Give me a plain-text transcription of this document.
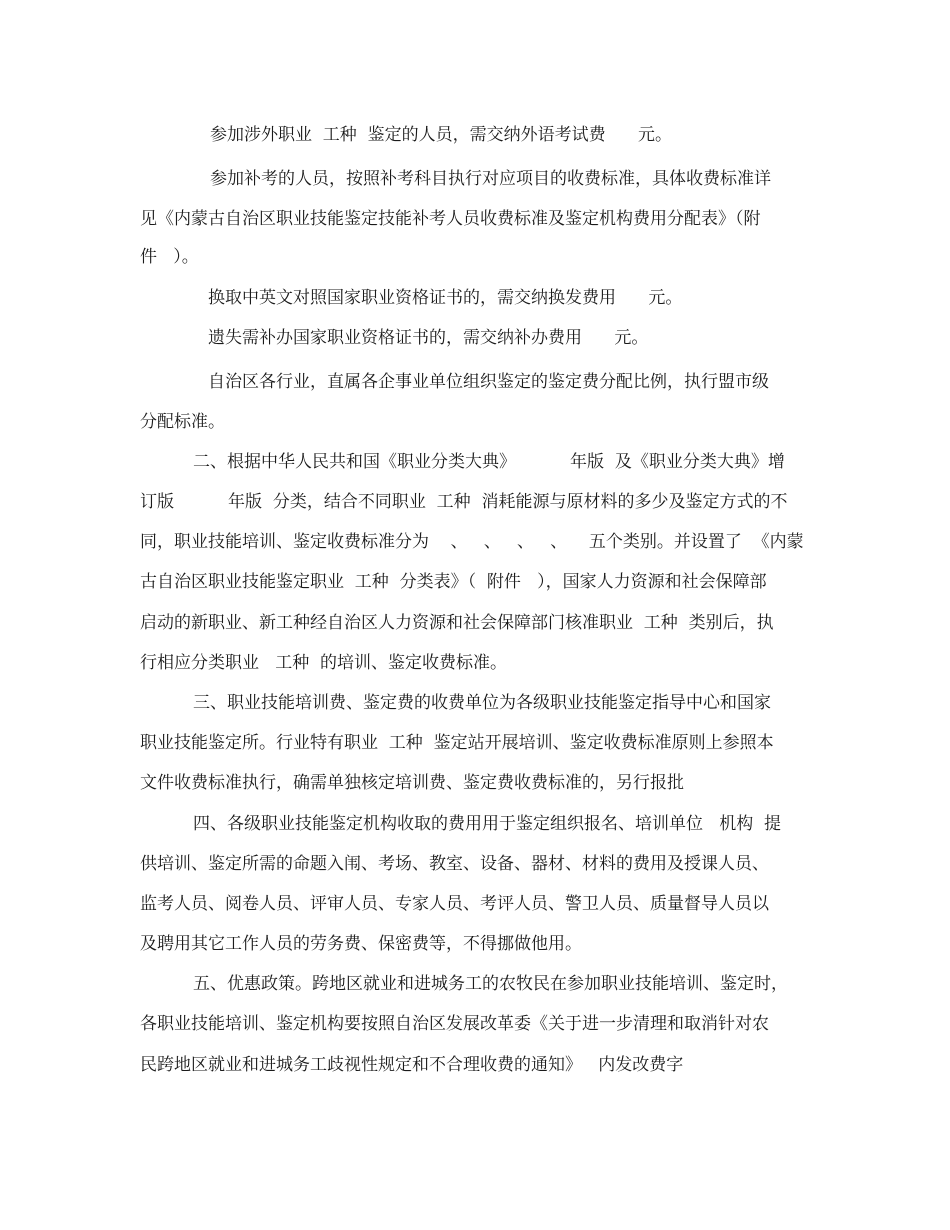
参加涉外职业  工种  鉴定的人员，需交纳外语考试费      元。

参加补考的人员，按照补考科目执行对应项目的收费标准，具体收费标准详

见《内蒙古自治区职业技能鉴定技能补考人员收费标准及鉴定机构费用分配表》（附

件   ）。

换取中英文对照国家职业资格证书的，需交纳换发费用      元。

遗失需补办国家职业资格证书的，需交纳补办费用      元。

自治区各行业，直属各企事业单位组织鉴定的鉴定费分配比例，执行盟市级

分配标准。

二、根据中华人民共和国《职业分类大典》          年版  及《职业分类大典》增

订版          年版  分类，结合不同职业  工种  消耗能源与原材料的多少及鉴定方式的不

同，职业技能培训、鉴定收费标准分为    、   、   、   、    五个类别。并设置了  《内蒙

古自治区职业技能鉴定职业  工种  分类表》（  附件   ），国家人力资源和社会保障部

启动的新职业、新工种经自治区人力资源和社会保障部门核准职业  工种  类别后，执

行相应分类职业   工种  的培训、鉴定收费标准。

三、职业技能培训费、鉴定费的收费单位为各级职业技能鉴定指导中心和国家

职业技能鉴定所。行业特有职业  工种  鉴定站开展培训、鉴定收费标准原则上参照本

文件收费标准执行，确需单独核定培训费、鉴定费收费标准的，另行报批

四、各级职业技能鉴定机构收取的费用用于鉴定组织报名、培训单位   机构  提

供培训、鉴定所需的命题入闱、考场、教室、设备、器材、材料的费用及授课人员、

监考人员、阅卷人员、评审人员、专家人员、考评人员、警卫人员、质量督导人员以

及聘用其它工作人员的劳务费、保密费等，不得挪做他用。

五、优惠政策。跨地区就业和进城务工的农牧民在参加职业技能培训、鉴定时，

各职业技能培训、鉴定机构要按照自治区发展改革委《关于进一步清理和取消针对农

民跨地区就业和进城务工歧视性规定和不合理收费的通知》   内发改费字
